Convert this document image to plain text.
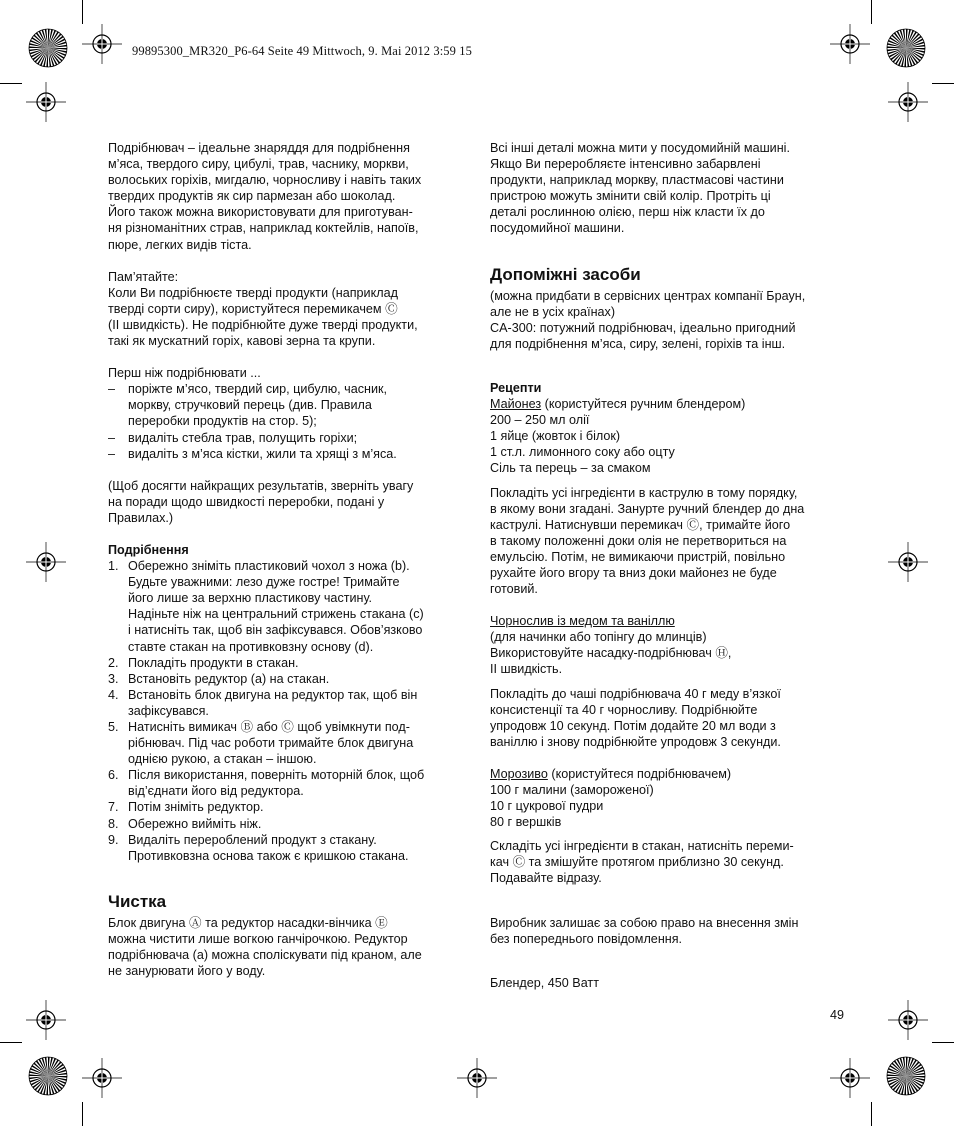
99895300_MR320_P6-64 Seite 49 Mittwoch, 9. Mai 2012 3:59 15

Подрібнювач – ідеальне знаряддя для подрібнення

м’яса, твердого сиру, цибулі, трав, часнику, моркви,

волоських горіхів, мигдалю, чорносливу і навіть таких

твердих продуктів як сир пармезан або шоколад.

Його також можна використовувати для приготуван-

ня різноманітних страв, наприклад коктейлів, напоїв,

пюре, легких видів тіста.

Пам’ятайте:

Коли Ви подрібнюєте тверді продукти (наприклад

тверді сорти сиру), користуйтеся перемикачем Ⓒ

(II швидкість). Не подрібнюйте дуже тверді продукти,

такі як мускатний горіх, кавові зерна та крупи.

Перш ніж подрібнювати ...

– поріжте м’ясо, твердий сир, цибулю, часник,
моркву, стручковий перець (див. Правила
переробки продуктів на стор. 5);
– видаліть стебла трав, полущить горіхи;
– видаліть з м’яса кістки, жили та хрящі з м’яса.

(Щоб досягти найкращих результатів, зверніть увагу

на поради щодо швидкості переробки, подані у

Правилах.)

Подрібнення

1. Обережно зніміть пластиковий чохол з ножа (b).
Будьте уважними: лезо дуже гостре! Тримайте
його лише за верхню пластикову частину.
Надіньте ніж на центральний стрижень стакана (c)
і натисніть так, щоб він зафіксувався. Обов’язково
ставте стакан на противковзну основу (d).
2. Покладіть продукти в стакан.
3. Встановіть редуктор (a) на стакан.
4. Встановіть блок двигуна на редуктор так, щоб він
зафіксувався.
5. Натисніть вимикач Ⓑ або Ⓒ щоб увімкнути под-
рібнювач. Під час роботи тримайте блок двигуна
однією рукою, а стакан – іншою.
6. Після використання, поверніть моторній блок, щоб
від’єднати його від редуктора.
7. Потім зніміть редуктор.
8. Обережно вийміть ніж.
9. Видаліть перероблений продукт з стакану.
Противковзна основа також є кришкою стакана.
Чистка

Блок двигуна Ⓐ та редуктор насадки-вінчика Ⓔ

можна чистити лише вогкою ганчірочкою. Редуктор

подрібнювача (a) можна споліскувати під краном, але

не занурювати його у воду.

Всі інші деталі можна мити у посудомийній машині.

Якщо Ви переробляєте інтенсивно забарвлені

продукти, наприклад моркву, пластмасові частини

пристрою можуть змінити свій колір. Протріть ці

деталі рослинною олією, перш ніж класти їх до

посудомийної машини.

Допоміжні засоби

(можна придбати в сервісних центрах компанії Браун,

але не в усіх країнах)

CA-300: потужний подрібнювач, ідеально пригодний

для подрібнення м’яса, сиру, зелені, горіхів та інш.

Рецепти

Майонез (користуйтеся ручним блендером)

200 – 250 мл олії

1 яйце (жовток і білок)

1 ст.л. лимонного соку або оцту

Сіль та перець – за смаком

Покладіть усі інгредієнти в каструлю в тому порядку,

в якому вони згадані. Занурте ручний блендер до дна

каструлі. Натиснувши перемикач Ⓒ, тримайте його

в такому положенні доки олія не перетвориться на

емульсію. Потім, не вимикаючи пристрій, повільно

рухайте його вгору та вниз доки майонез не буде

готовий.

Чорнослив із медом та ваніллю

(для начинки або топінгу до млинців)

Використовуйте насадку-подрібнювач Ⓗ,

II швидкість.

Покладіть до чаші подрібнювача 40 г меду в’язкої

консистенції та 40 г чорносливу. Подрібнюйте

упродовж 10 секунд. Потім додайте 20 мл води з

ваніллю і знову подрібнюйте упродовж 3 секунди.

Морозиво (користуйтеся подрібнювачем)

100 г малини (замороженої)

10 г цукрової пудри

80 г вершків

Складіть усі інгредієнти в стакан, натисніть переми-

кач Ⓒ та змішуйте протягом приблизно 30 секунд.

Подавайте відразу.

Виробник залишає за собою право на внесення змін

без попереднього повідомлення.

Блендер, 450 Ватт

49
